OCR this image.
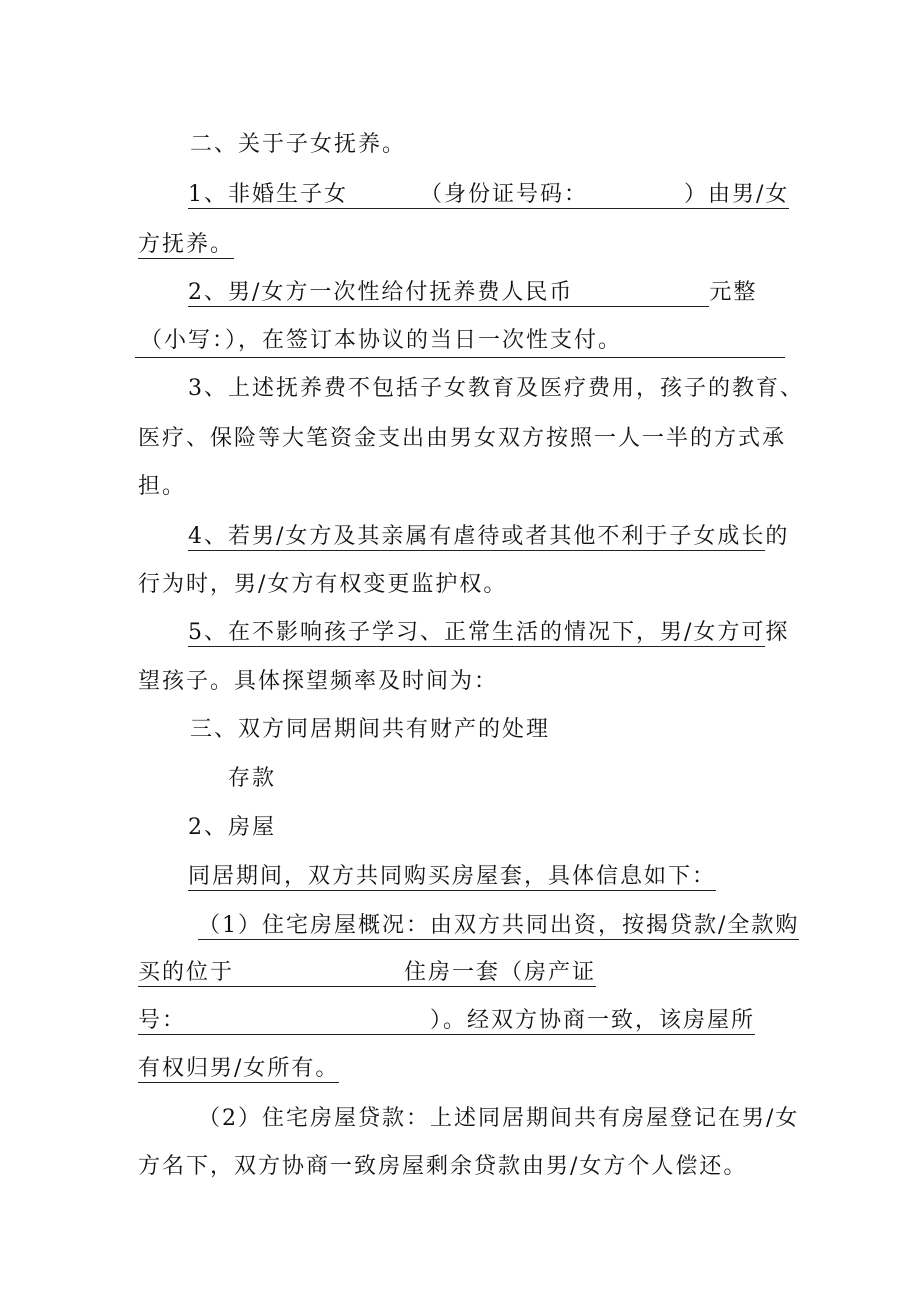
二、关于子女抚养。

1、非婚生子女	（身份证号码：	）由男/女

方抚养。

2、男/女方一次性给付抚养费人民币	元整

（小写：），在签订本协议的当日一次性支付。

3、上述抚养费不包括子女教育及医疗费用，孩子的教育、

医疗、保险等大笔资金支出由男女双方按照一人一半的方式承

担。

4、若男/女方及其亲属有虐待或者其他不利于子女成长的

行为时，男/女方有权变更监护权。

5、在不影响孩子学习、正常生活的情况下，男/女方可探

望孩子。具体探望频率及时间为：

三、双方同居期间共有财产的处理

存款

2、房屋

同居期间，双方共同购买房屋套，具体信息如下：

（1）住宅房屋概况：由双方共同出资，按揭贷款/全款购

买的位于	住房一套（房产证

号：	）。经双方协商一致，该房屋所

有权归男/女所有。

（2）住宅房屋贷款：上述同居期间共有房屋登记在男/女

方名下，双方协商一致房屋剩余贷款由男/女方个人偿还。
